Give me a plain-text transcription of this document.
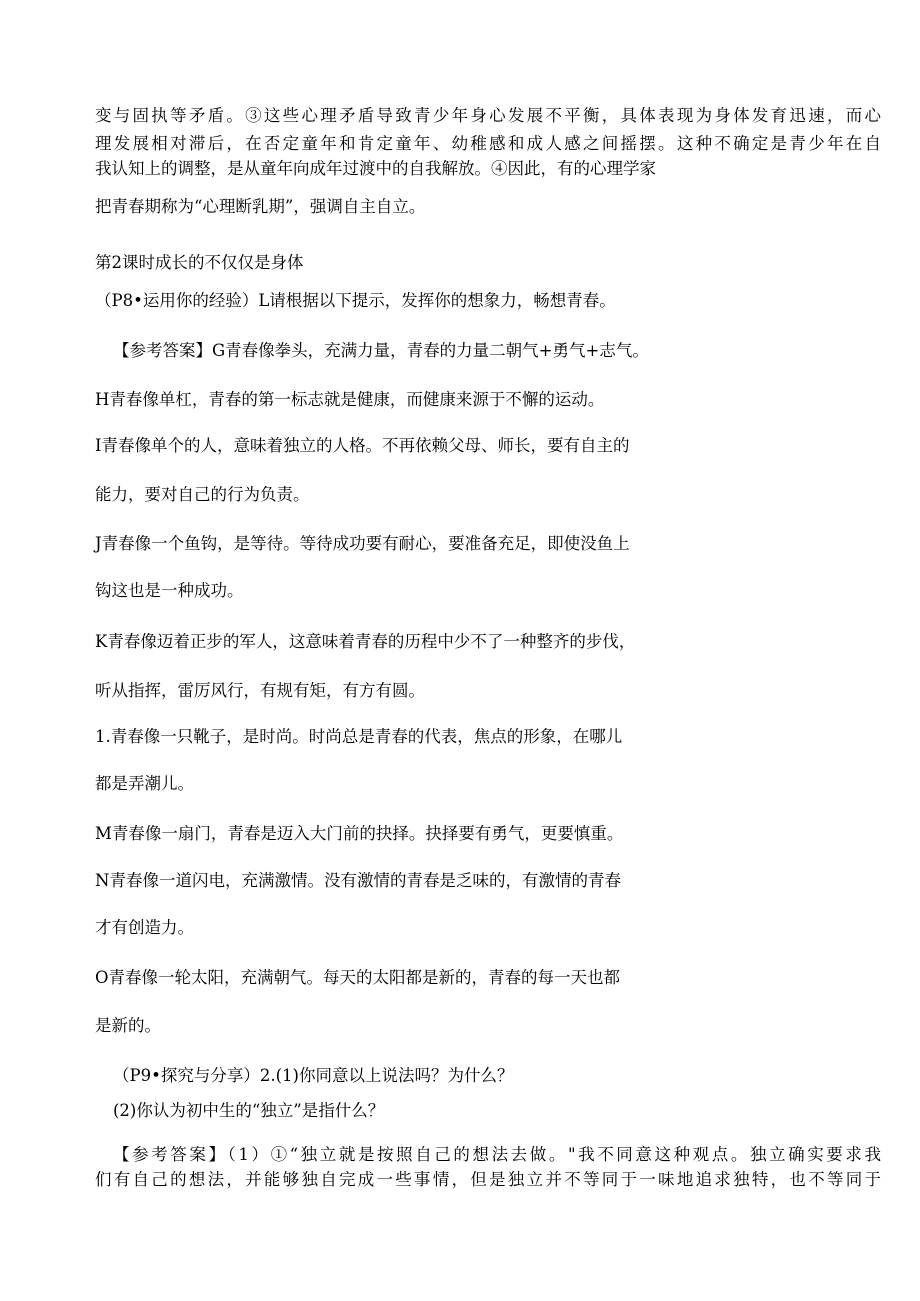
变与固执等矛盾。③这些心理矛盾导致青少年身心发展不平衡，具体表现为身体发育迅速，而心
理发展相对滞后，在否定童年和肯定童年、幼稚感和成人感之间摇摆。这种不确定是青少年在自
我认知上的调整，是从童年向成年过渡中的自我解放。④因此，有的心理学家
把青春期称为“心理断乳期”，强调自主自立。
第2课时成长的不仅仅是身体
（P8•运用你的经验）L请根据以下提示，发挥你的想象力，畅想青春。
【参考答案】G青春像拳头，充满力量，青春的力量二朝气+勇气+志气。
H青春像单杠，青春的第一标志就是健康，而健康来源于不懈的运动。
I青春像单个的人，意味着独立的人格。不再依赖父母、师长，要有自主的
能力，要对自己的行为负责。
J青春像一个鱼钩，是等待。等待成功要有耐心，要准备充足，即使没鱼上
钩这也是一种成功。
K青春像迈着正步的军人，这意味着青春的历程中少不了一种整齐的步伐，
听从指挥，雷厉风行，有规有矩，有方有圆。
1.青春像一只靴子，是时尚。时尚总是青春的代表，焦点的形象，在哪儿
都是弄潮儿。
M青春像一扇门，青春是迈入大门前的抉择。抉择要有勇气，更要慎重。
N青春像一道闪电，充满激情。没有激情的青春是乏味的，有激情的青春
才有创造力。
O青春像一轮太阳，充满朝气。每天的太阳都是新的，青春的每一天也都
是新的。
（P9•探究与分享）2.(1)你同意以上说法吗？为什么？
(2)你认为初中生的“独立”是指什么？
【参考答案】（1）①“独立就是按照自己的想法去做。"我不同意这种观点。独立确实要求我
们有自己的想法，并能够独自完成一些事情，但是独立并不等同于一味地追求独特，也不等同于
